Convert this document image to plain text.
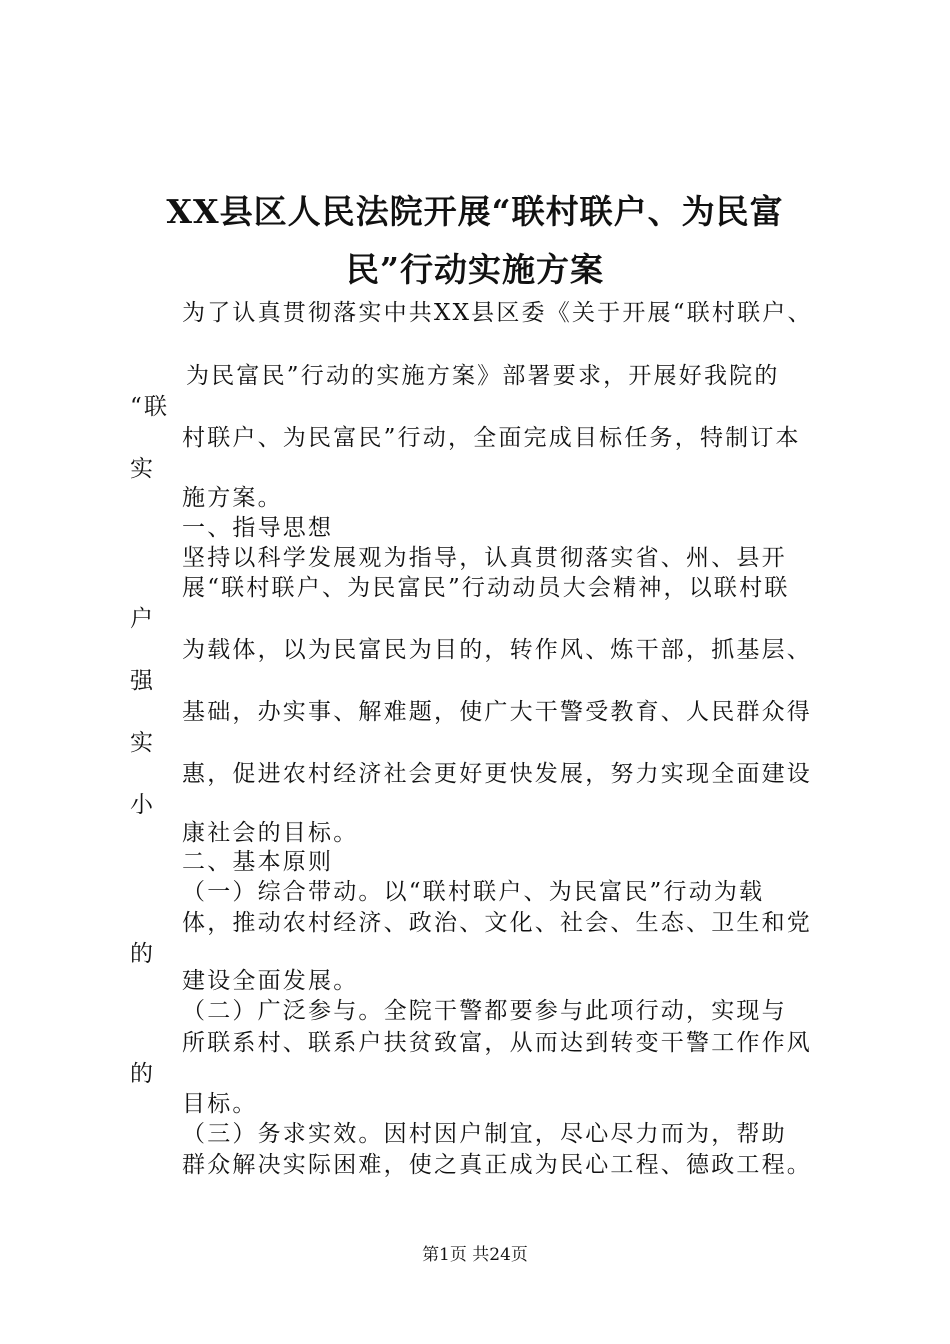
XX县区人民法院开展“联村联户、为民富
民”行动实施方案
为了认真贯彻落实中共XX县区委《关于开展“联村联户、
为民富民”行动的实施方案》部署要求，开展好我院的
“联
村联户、为民富民”行动，全面完成目标任务，特制订本
实
施方案。
一、指导思想
坚持以科学发展观为指导，认真贯彻落实省、州、县开
展“联村联户、为民富民”行动动员大会精神，以联村联
户
为载体，以为民富民为目的，转作风、炼干部，抓基层、
强
基础，办实事、解难题，使广大干警受教育、人民群众得
实
惠，促进农村经济社会更好更快发展，努力实现全面建设
小
康社会的目标。
二、基本原则
（一）综合带动。以“联村联户、为民富民”行动为载
体，推动农村经济、政治、文化、社会、生态、卫生和党
的
建设全面发展。
（二）广泛参与。全院干警都要参与此项行动，实现与
所联系村、联系户扶贫致富，从而达到转变干警工作作风
的
目标。
（三）务求实效。因村因户制宜，尽心尽力而为，帮助
群众解决实际困难，使之真正成为民心工程、德政工程。
第1页 共24页
